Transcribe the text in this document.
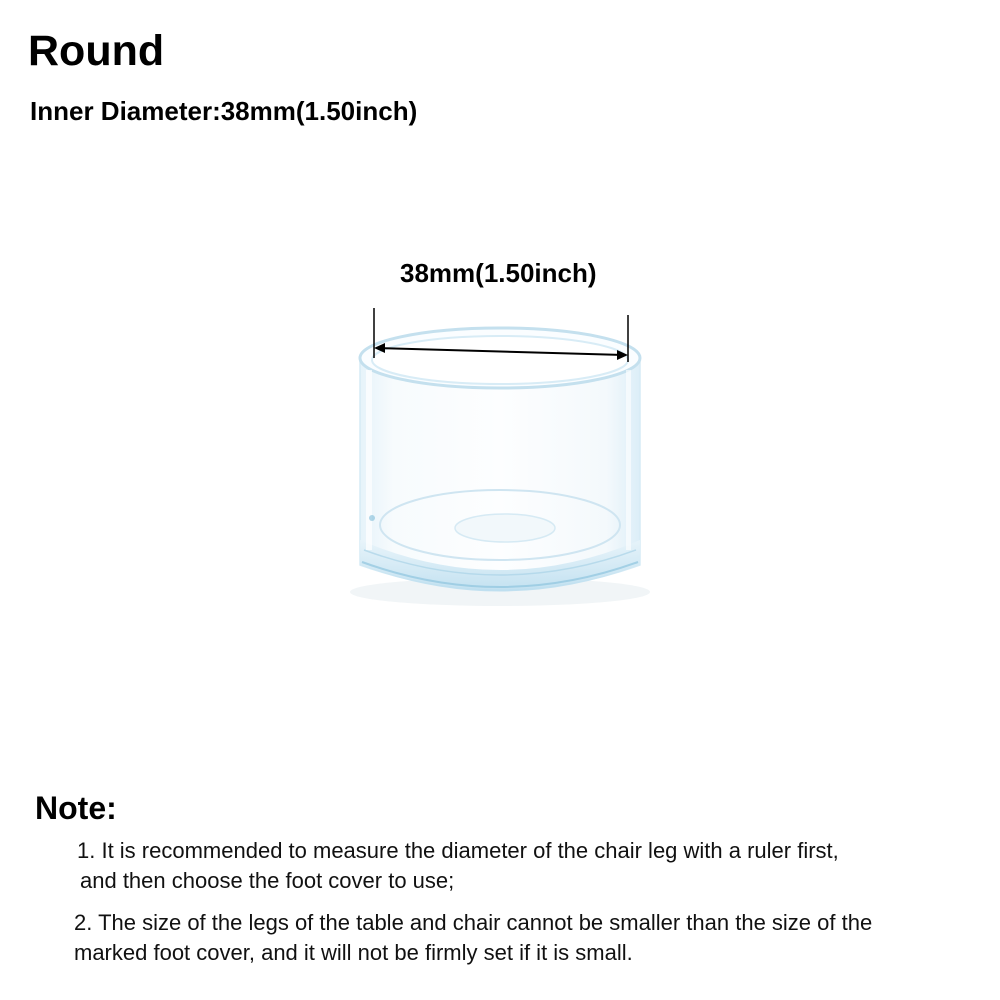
Round
Inner Diameter:38mm(1.50inch)
38mm(1.50inch)
Note:

1. It is recommended to measure the diameter of the chair leg with a ruler first,
and then choose the foot cover to use;

2. The size of the legs of the table and chair cannot be smaller than the size of the
marked foot cover, and it will not be firmly set if it is small.
